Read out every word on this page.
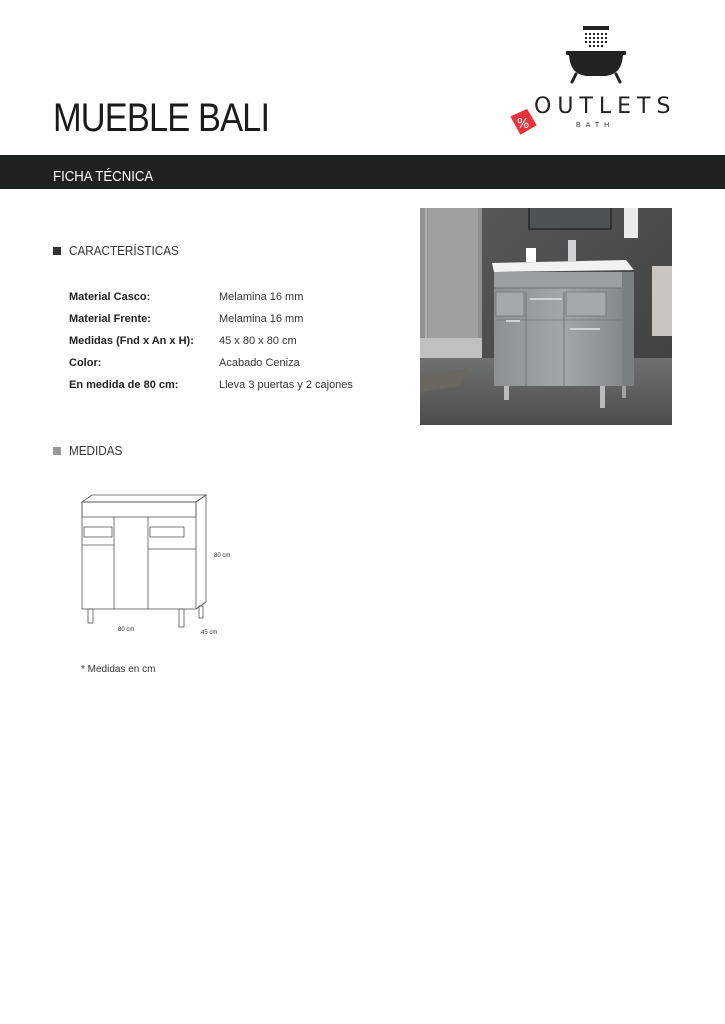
MUEBLE BALI	%
OUTLETS
BATH
FICHA TÉCNICA
CARACTERÍSTICAS
Material Casco:	Melamina 16 mm
Material Frente:	Melamina 16 mm
Medidas (Fnd x An x H): 45 x 80 x 80 cm
Color:	Acabado Ceniza
En medida de 80 cm:	Lleva 3 puertas y 2 cajones
MEDIDAS
80 cm
80 cm	45 cm
* Medidas en cm
